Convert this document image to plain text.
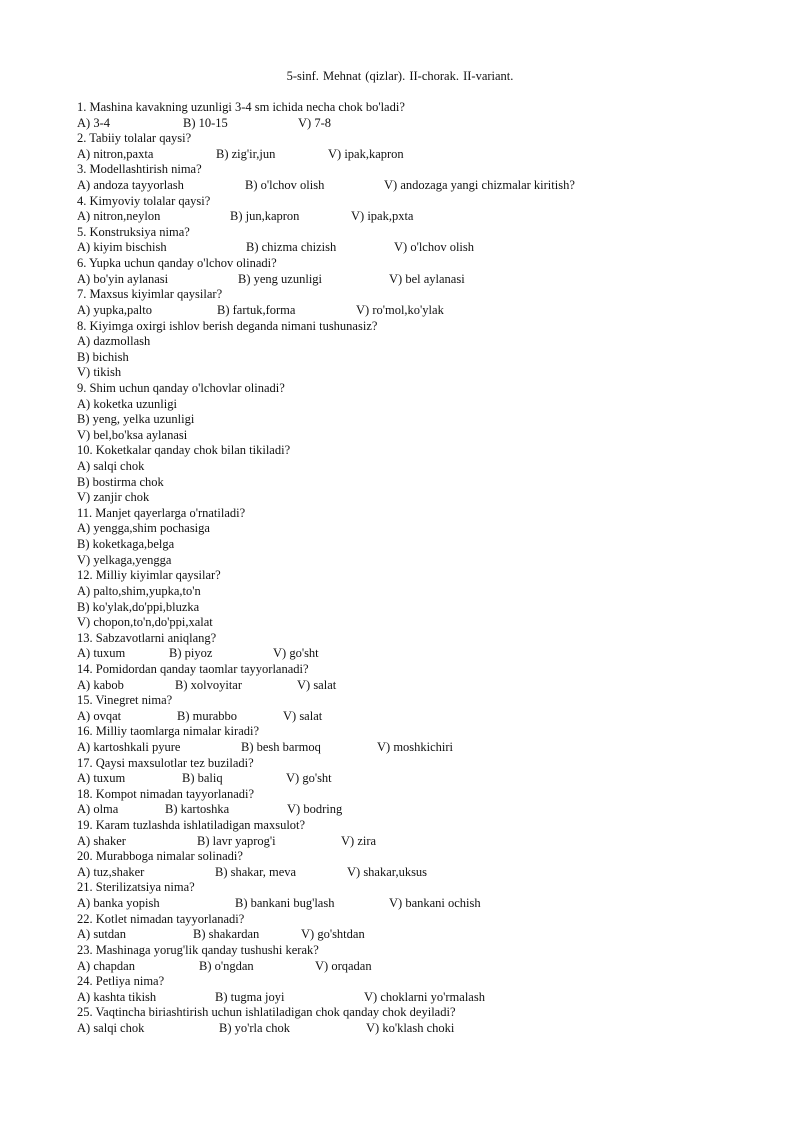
5-sinf. Mehnat (qizlar). II-chorak. II-variant.
1. Mashina kavakning uzunligi 3-4 sm ichida necha chok bo'ladi?
A) 3-4	B) 10-15	V) 7-8
2. Tabiiy tolalar qaysi?
A) nitron,paxta	B) zig'ir,jun	V) ipak,kapron
3. Modellashtirish nima?
A) andoza tayyorlash	B) o'lchov olish	V) andozaga yangi chizmalar kiritish?
4. Kimyoviy tolalar qaysi?
A) nitron,neylon	B) jun,kapron	V) ipak,pxta
5. Konstruksiya nima?
A) kiyim bischish	B) chizma chizish	V) o'lchov olish
6. Yupka uchun qanday o'lchov olinadi?
A) bo'yin aylanasi	B) yeng uzunligi	V) bel aylanasi
7. Maxsus kiyimlar qaysilar?
A) yupka,palto	B) fartuk,forma	V) ro'mol,ko'ylak
8. Kiyimga oxirgi ishlov berish deganda nimani tushunasiz?
A) dazmollash
B) bichish
V) tikish
9. Shim uchun qanday o'lchovlar olinadi?
A) koketka uzunligi
B) yeng, yelka uzunligi
V) bel,bo'ksa aylanasi
10. Koketkalar qanday chok bilan tikiladi?
A) salqi chok
B) bostirma chok
V) zanjir chok
11. Manjet qayerlarga o'rnatiladi?
A) yengga,shim pochasiga
B) koketkaga,belga
V) yelkaga,yengga
12. Milliy kiyimlar qaysilar?
A) palto,shim,yupka,to'n
B) ko'ylak,do'ppi,bluzka
V) chopon,to'n,do'ppi,xalat
13. Sabzavotlarni aniqlang?
A) tuxum	B) piyoz	V) go'sht
14. Pomidordan qanday taomlar tayyorlanadi?
A) kabob	B) xolvoyitar	V) salat
15. Vinegret nima?
A) ovqat	B) murabbo	V) salat
16. Milliy taomlarga nimalar kiradi?
A) kartoshkali pyure	B) besh barmoq	V) moshkichiri
17. Qaysi maxsulotlar tez buziladi?
A) tuxum	B) baliq	V) go'sht
18. Kompot nimadan tayyorlanadi?
A) olma	B) kartoshka	V) bodring
19. Karam tuzlashda ishlatiladigan maxsulot?
A) shaker	B) lavr yaprog'i	V) zira
20. Murabboga nimalar solinadi?
A) tuz,shaker	B) shakar, meva	V) shakar,uksus
21. Sterilizatsiya nima?
A) banka yopish	B) bankani bug'lash	V) bankani ochish
22. Kotlet nimadan tayyorlanadi?
A) sutdan	B) shakardan	V) go'shtdan
23. Mashinaga yorug'lik qanday tushushi kerak?
A) chapdan	B) o'ngdan	V) orqadan
24. Petliya nima?
A) kashta tikish	B) tugma joyi	V) choklarni yo'rmalash
25. Vaqtincha biriashtirish uchun ishlatiladigan chok qanday chok deyiladi?
A) salqi chok	B) yo'rla chok	V) ko'klash choki
